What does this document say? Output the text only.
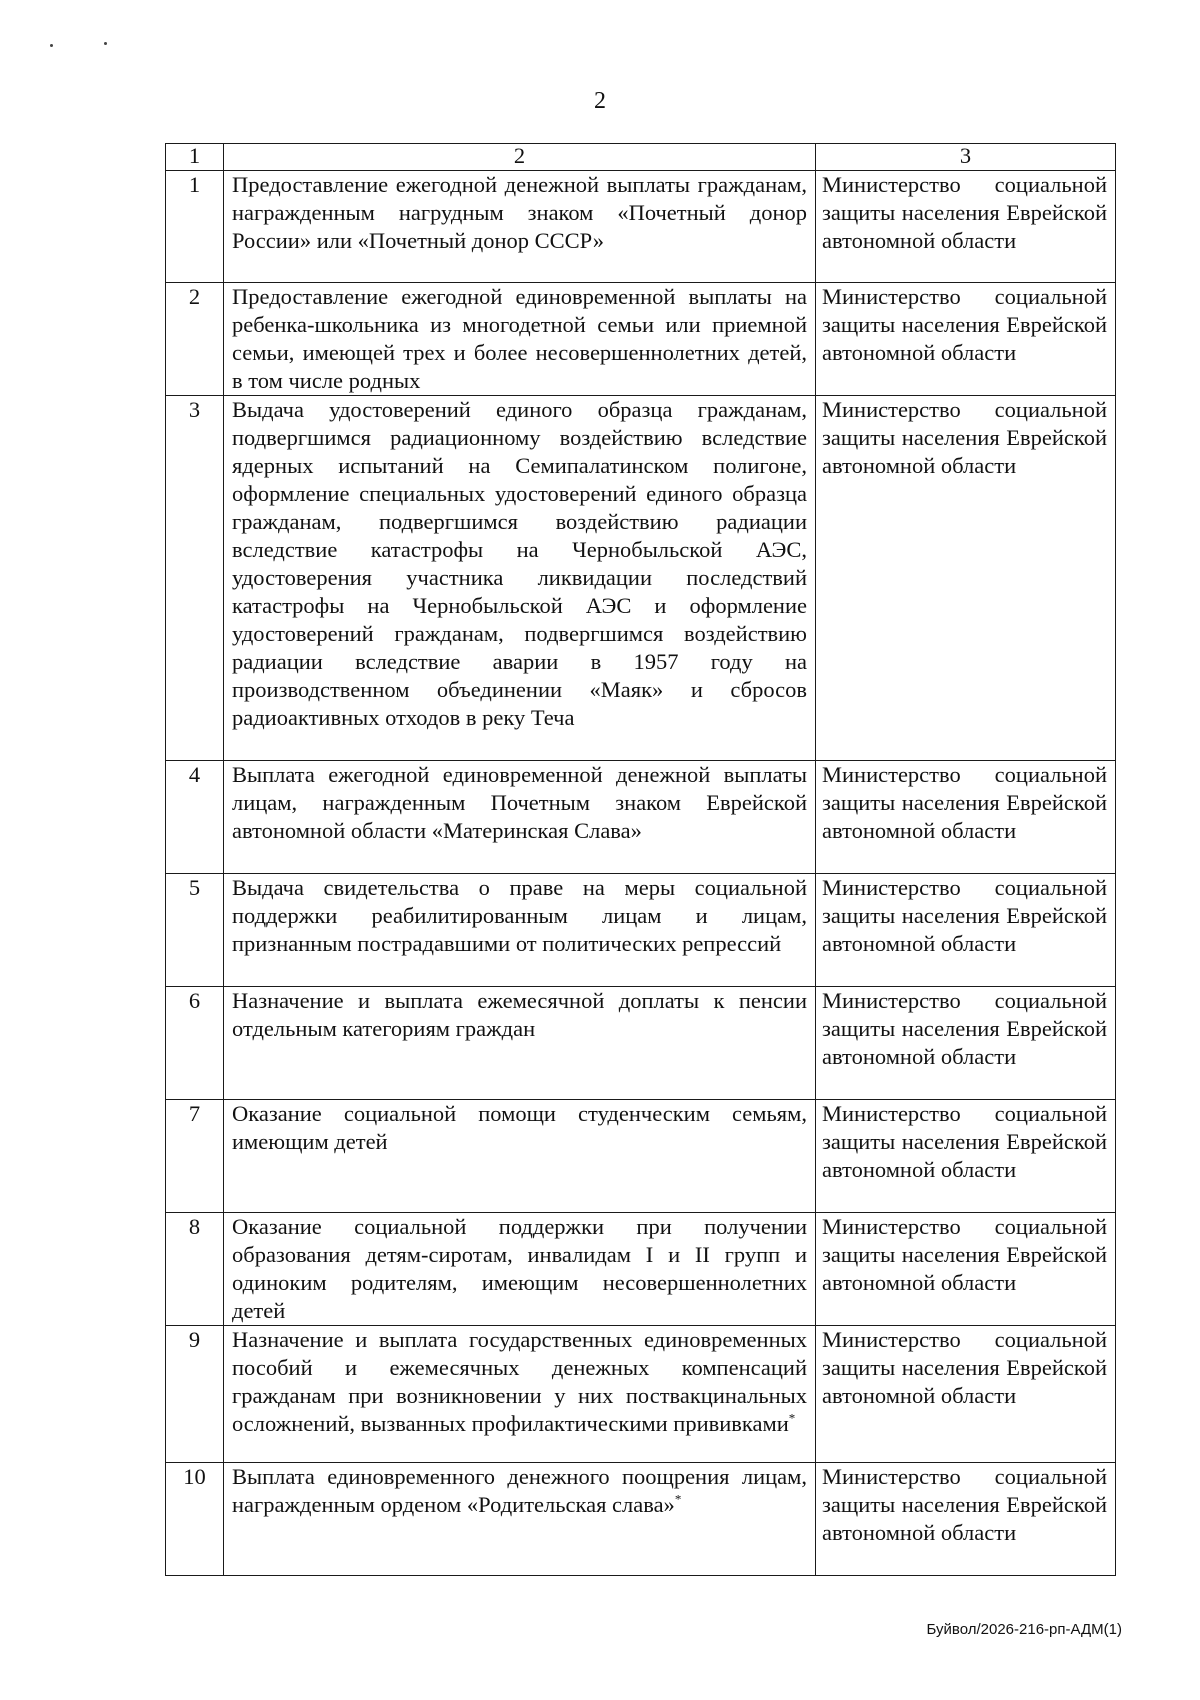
2
1	2	3
1	Предоставление ежегодной денежной выплаты гражданам, награжденным нагрудным знаком «Почетный донор России» или «Почетный донор СССР»	Министерство социальной защиты населения Еврейской автономной области
2	Предоставление ежегодной единовременной выплаты на ребенка-школьника из многодетной семьи или приемной семьи, имеющей трех и более несовершеннолетних детей, в том числе родных	Министерство социальной защиты населения Еврейской автономной области
3	Выдача удостоверений единого образца гражданам, подвергшимся радиационному воздействию вследствие ядерных испытаний на Семипалатинском полигоне, оформление специальных удостоверений единого образца гражданам, подвергшимся воздействию радиации вследствие катастрофы на Чернобыльской АЭС, удостоверения участника ликвидации последствий катастрофы на Чернобыльской АЭС и оформление удостоверений гражданам, подвергшимся воздействию радиации вследствие аварии в 1957 году на производственном объединении «Маяк» и сбросов радиоактивных отходов в реку Теча	Министерство социальной защиты населения Еврейской автономной области
4	Выплата ежегодной единовременной денежной выплаты лицам, награжденным Почетным знаком Еврейской автономной области «Материнская Слава»	Министерство социальной защиты населения Еврейской автономной области
5	Выдача свидетельства о праве на меры социальной поддержки реабилитированным лицам и лицам, признанным пострадавшими от политических репрессий	Министерство социальной защиты населения Еврейской автономной области
6	Назначение и выплата ежемесячной доплаты к пенсии отдельным категориям граждан	Министерство социальной защиты населения Еврейской автономной области
7	Оказание социальной помощи студенческим семьям, имеющим детей	Министерство социальной защиты населения Еврейской автономной области
8	Оказание социальной поддержки при получении образования детям-сиротам, инвалидам I и II групп и одиноким родителям, имеющим несовершеннолетних детей	Министерство социальной защиты населения Еврейской автономной области
9	Назначение и выплата государственных единовременных пособий и ежемесячных денежных компенсаций гражданам при возникновении у них поствакцинальных осложнений, вызванных профилактическими прививками*	Министерство социальной защиты населения Еврейской автономной области
10	Выплата единовременного денежного поощрения лицам, награжденным орденом «Родительская слава»*	Министерство социальной защиты населения Еврейской автономной области
Буйвол/2026-216-рп-АДМ(1)
